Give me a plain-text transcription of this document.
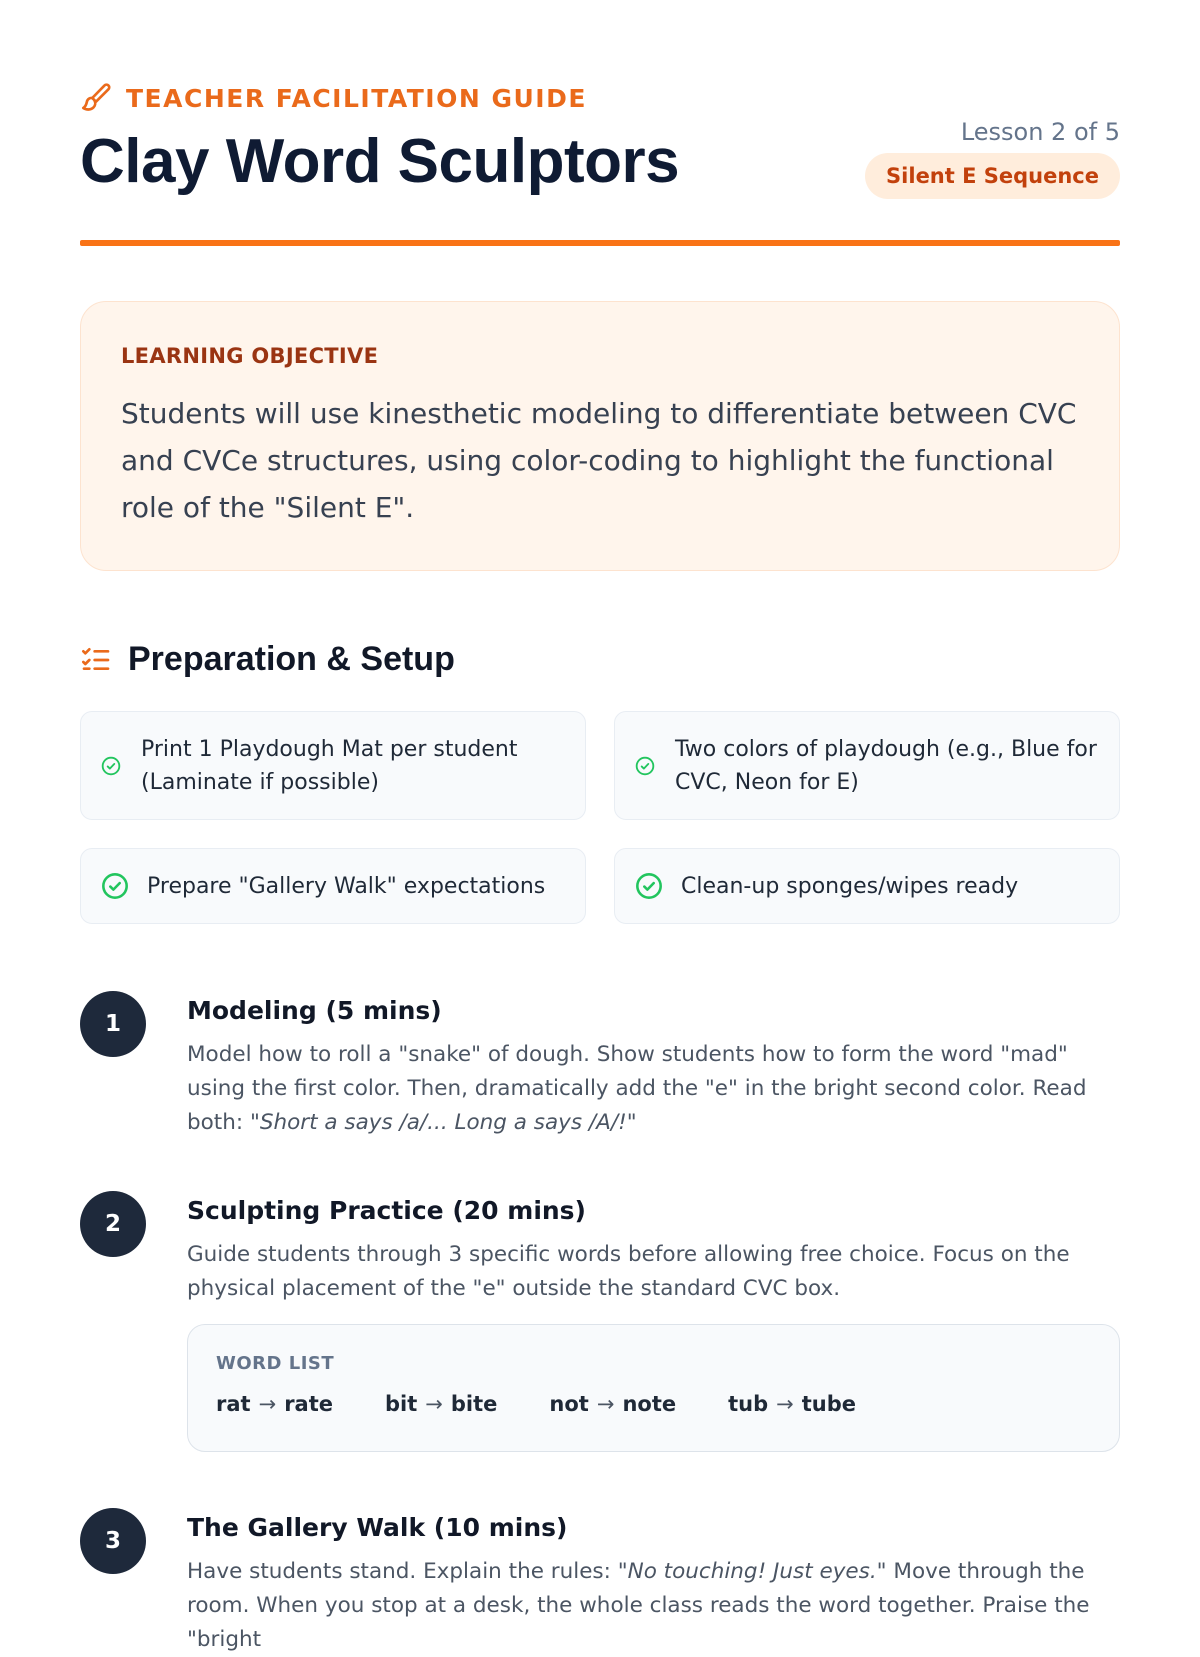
TEACHER FACILITATION GUIDE
Clay Word Sculptors	Lesson 2 of 5
Silent E Sequence
LEARNING OBJECTIVE
Students will use kinesthetic modeling to differentiate between CVC and CVCe structures, using color-coding to highlight the functional role of the "Silent E".
Preparation & Setup
Print 1 Playdough Mat per student (Laminate if possible)
Two colors of playdough (e.g., Blue for CVC, Neon for E)
Prepare "Gallery Walk" expectations	Clean-up sponges/wipes ready
1	Modeling (5 mins)
Model how to roll a "snake" of dough. Show students how to form the word "mad" using the first color. Then, dramatically add the "e" in the bright second color. Read both: "Short a says /a/... Long a says /A/!"
2	Sculpting Practice (20 mins)
Guide students through 3 specific words before allowing free choice. Focus on the physical placement of the "e" outside the standard CVC box.
WORD LIST
rat → rate bit → bite not → note tub → tube
3	The Gallery Walk (10 mins)
Have students stand. Explain the rules: "No touching! Just eyes." Move through the room. When you stop at a desk, the whole class reads the word together. Praise the "bright
